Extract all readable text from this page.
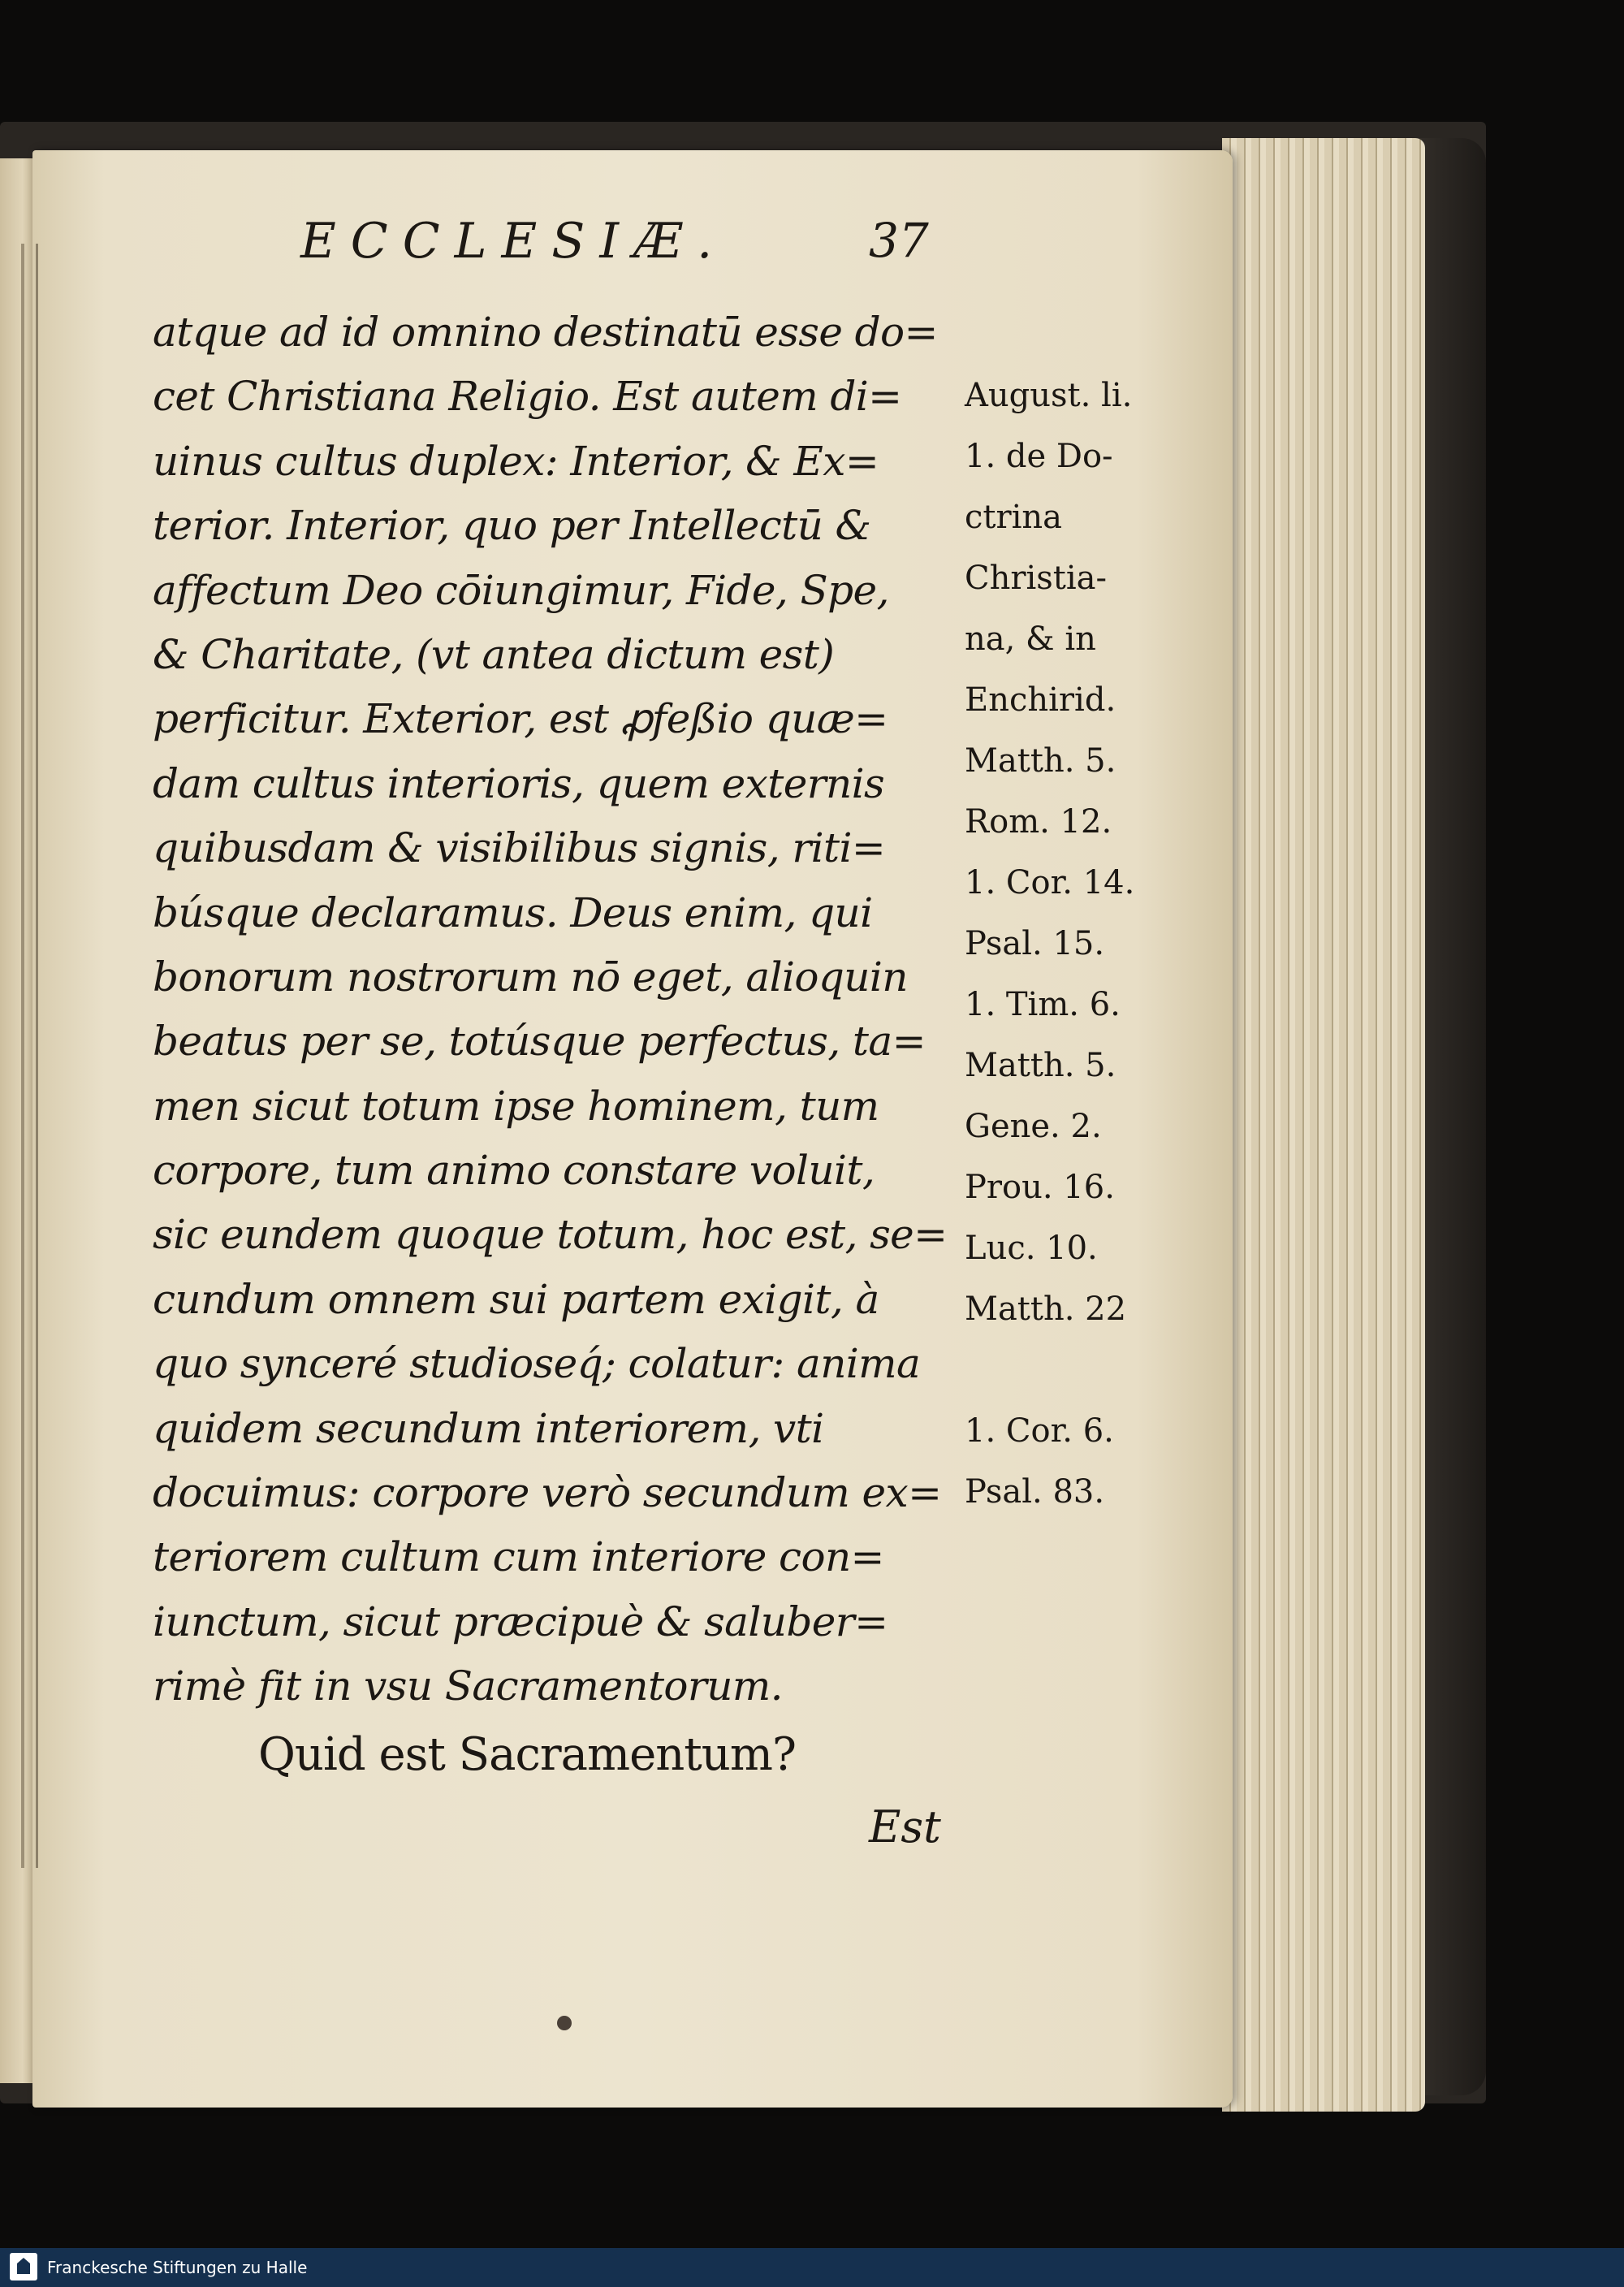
ECCLESIÆ.	37
atque ad id omnino destinatū esse do=
cet Christiana Religio. Est autem di=
uinus cultus duplex: Interior, & Ex=
terior. Interior, quo per Intellectū &
affectum Deo cōiungimur, Fide, Spe,
& Charitate, (vt antea dictum est)
perficitur. Exterior, est ꝓfeßio quæ=
dam cultus interioris, quem externis
quibusdam & visibilibus signis, riti=
búsque declaramus. Deus enim, qui
bonorum nostrorum nō eget, alioquin
beatus per se, totúsque perfectus, ta=
men sicut totum ipse hominem, tum
corpore, tum animo constare voluit,
sic eundem quoque totum, hoc est, se=
cundum omnem sui partem exigit, à
quo synceré studioseq́; colatur: anima
quidem secundum interiorem, vti
docuimus: corpore verò secundum ex=
teriorem cultum cum interiore con=
iunctum, sicut præcipuè & saluber=
rimè fit in vsu Sacramentorum.
August. li.
1. de Do-
ctrina
Christia-
na, & in
Enchirid.
Matth. 5.
Rom. 12.
1. Cor. 14.
Psal. 15.
1. Tim. 6.
Matth. 5.
Gene. 2.
Prou. 16.
Luc. 10.
Matth. 22
1. Cor. 6.
Psal. 83.
Quid est Sacramentum?
Est
Franckesche Stiftungen zu Halle
